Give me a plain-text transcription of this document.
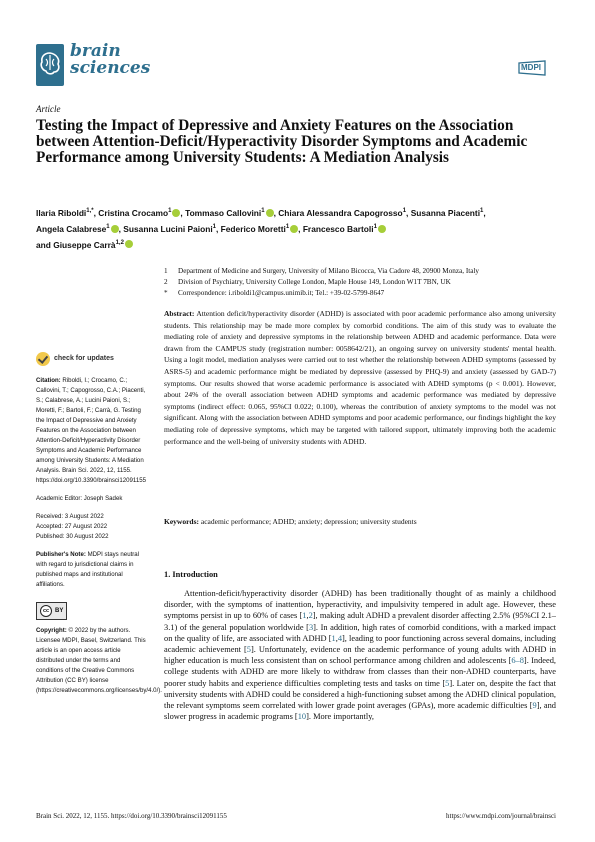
brain
sciences	MDPI
Article
Testing the Impact of Depressive and Anxiety Features on the Association between Attention-Deficit/Hyperactivity Disorder Symptoms and Academic Performance among University Students: A Mediation Analysis
Ilaria Riboldi$^{1,*}$, Cristina Crocamo$^1$ , Tommaso Callovini$^1$ , Chiara Alessandra Capogrosso$^1$, Susanna Piacenti$^1$,
Angela Calabrese$^1$ , Susanna Lucini Paioni$^1$, Federico Moretti$^1$ , Francesco Bartoli$^1$
and Giuseppe Carrà$^{1,2}$
1 Department of Medicine and Surgery, University of Milano Bicocca, Via Cadore 48, 20900 Monza, Italy
2 Division of Psychiatry, University College London, Maple House 149, London W1T 7BN, UK
* Correspondence: i.riboldi1@campus.unimib.it; Tel.: +39-02-5799-8647
Abstract: Attention deficit/hyperactivity disorder (ADHD) is associated with poor academic performance also among university students. This relationship may be made more complex by comorbid conditions. The aim of this study was to evaluate the mediating role of anxiety and depressive symptoms in the relationship between ADHD and academic performance. Data were drawn from the CAMPUS study (registration number: 0058642/21), an ongoing survey on university students' mental health. Using a logit model, mediation analyses were carried out to test whether the relationship between ADHD symptoms (assessed by ASRS-5) and academic performance might be mediated by depressive (assessed by PHQ-9) and anxiety (assessed by GAD-7) symptoms. Our results showed that worse academic performance is associated with ADHD symptoms (p < 0.001). However, about 24% of the overall association between ADHD symptoms and academic performance was mediated by depressive symptoms (indirect effect: 0.065, 95%CI 0.022; 0.100), whereas the contribution of anxiety symptoms to the model was not significant. Along with the association between ADHD symptoms and poor academic performance, our findings highlight the key mediating role of depressive symptoms, which may be targeted with tailored support, ultimately improving both the academic performance and the well-being of university students with ADHD.
Keywords: academic performance; ADHD; anxiety; depression; university students
check for updates

Citation: Riboldi, I.; Crocamo, C.; Callovini, T.; Capogrosso, C.A.; Piacenti, S.; Calabrese, A.; Lucini Paioni, S.; Moretti, F.; Bartoli, F.; Carrà, G. Testing the Impact of Depressive and Anxiety Features on the Association between Attention-Deficit/Hyperactivity Disorder Symptoms and Academic Performance among University Students: A Mediation Analysis. Brain Sci. 2022, 12, 1155. https://doi.org/10.3390/brainsci12091155

Academic Editor: Joseph Sadek

Received: 3 August 2022
Accepted: 27 August 2022

Published: 30 August 2022

Publisher's Note: MDPI stays neutral with regard to jurisdictional claims in published maps and institutional affiliations.

cc BY

Copyright: © 2022 by the authors. Licensee MDPI, Basel, Switzerland. This article is an open access article distributed under the terms and conditions of the Creative Commons Attribution (CC BY) license (https://creativecommons.org/licenses/by/4.0/).

1. Introduction

Attention-deficit/hyperactivity disorder (ADHD) has been traditionally thought of as mainly a childhood disorder, with the symptoms of inattention, hyperactivity, and impulsivity tempered in adult age. However, these symptoms persist in up to 60% of cases [1,2], making adult ADHD a prevalent disorder affecting 2.5% (95%CI 2.1–3.1) of the general population worldwide [3]. In addition, high rates of comorbid conditions, with a marked impact on the quality of life, are associated with ADHD [1,4], leading to poor functioning across several domains, including academic achievement [5]. Unfortunately, evidence on the academic performance of young adults with ADHD in higher education is much less consistent than on school performance among children and adolescents [6–8]. Indeed, college students with ADHD are more likely to withdraw from classes than their non-ADHD counterparts, have poorer study habits and experience difficulties completing tests and tasks on time [5]. Later on, despite the fact that university students with ADHD could be considered a high-functioning subset among the ADHD clinical population, the relevant symptoms seem correlated with lower grade point averages (GPAs), more academic difficulties [9], and slower progress in academic programs [10]. More importantly,

Brain Sci. 2022, 12, 1155. https://doi.org/10.3390/brainsci12091155	https://www.mdpi.com/journal/brainsci
